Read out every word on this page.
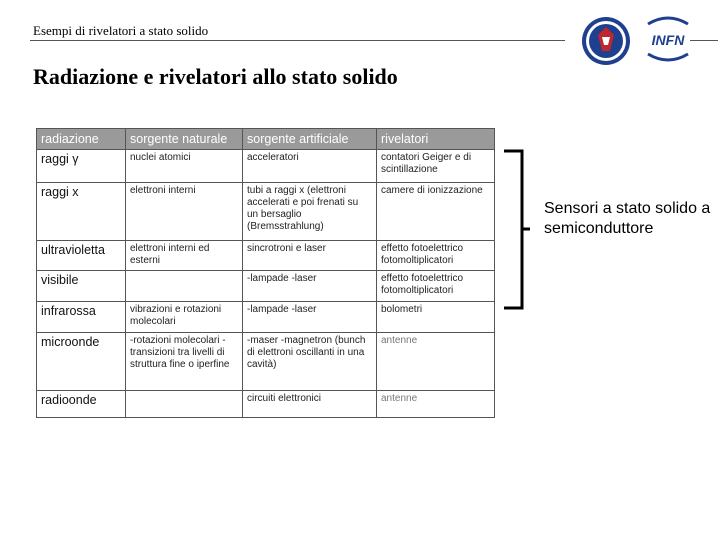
Esempi di rivelatori a stato solido
INFN
Radiazione e rivelatori allo stato solido
radiazione	sorgente naturale	sorgente artificiale	rivelatori
raggi γ	nuclei atomici	acceleratori	contatori Geiger e di scintillazione
raggi x	elettroni interni	tubi a raggi x (elettroni accelerati e poi frenati su un bersaglio (Bremsstrahlung)	camere di ionizzazione
ultravioletta	elettroni interni ed esterni	sincrotroni e laser	effetto fotoelettrico fotomoltiplicatori
visibile		-lampade -laser	effetto fotoelettrico fotomoltiplicatori
infrarossa	vibrazioni e rotazioni molecolari	-lampade -laser	bolometri
microonde	-rotazioni molecolari - transizioni tra livelli di struttura fine o iperfine	-maser -magnetron (bunch di elettroni oscillanti in una cavità)	antenne
radioonde		circuiti elettronici	antenne
Sensori a stato solido a semiconduttore
